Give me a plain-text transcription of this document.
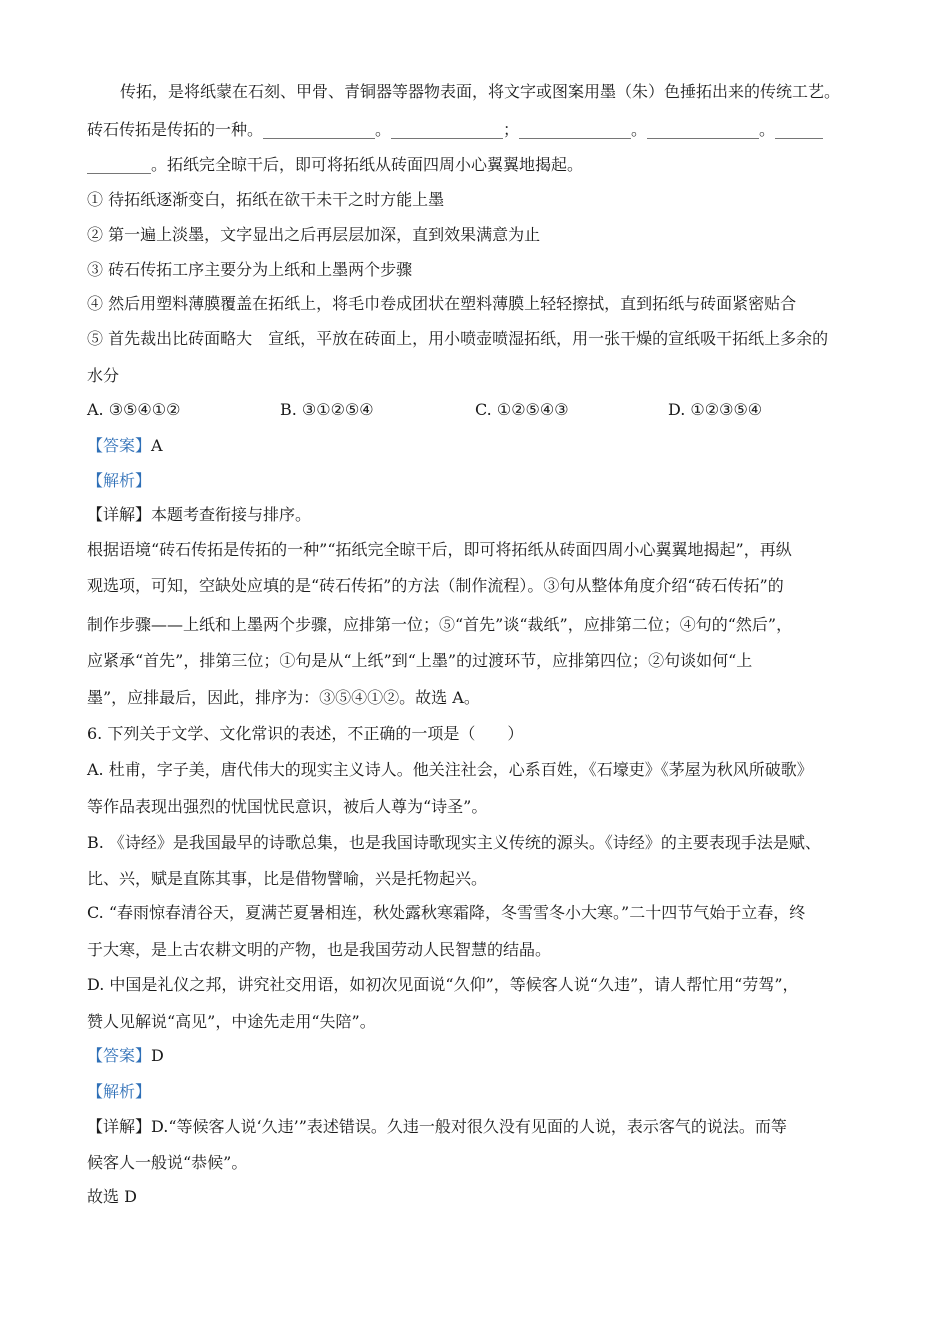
传拓，是将纸蒙在石刻、甲骨、青铜器等器物表面，将文字或图案用墨（朱）色捶拓出来的传统工艺。
砖石传拓是传拓的一种。______________。______________；______________。______________。______
________。拓纸完全晾干后，即可将拓纸从砖面四周小心翼翼地揭起。
① 待拓纸逐渐变白，拓纸在欲干未干之时方能上墨
② 第一遍上淡墨，文字显出之后再层层加深，直到效果满意为止
③ 砖石传拓工序主要分为上纸和上墨两个步骤
④ 然后用塑料薄膜覆盖在拓纸上，将毛巾卷成团状在塑料薄膜上轻轻擦拭，直到拓纸与砖面紧密贴合
⑤ 首先裁出比砖面略大　宣纸，平放在砖面上，用小喷壶喷湿拓纸，用一张干燥的宣纸吸干拓纸上多余的
水分
A. ③⑤④①②	B. ③①②⑤④	C. ①②⑤④③	D. ①②③⑤④
【答案】A
【解析】
【详解】本题考查衔接与排序。
根据语境“砖石传拓是传拓的一种”“拓纸完全晾干后，即可将拓纸从砖面四周小心翼翼地揭起”，再纵
观选项，可知，空缺处应填的是“砖石传拓”的方法（制作流程）。③句从整体角度介绍“砖石传拓”的
制作步骤——上纸和上墨两个步骤，应排第一位；⑤“首先”谈“裁纸”，应排第二位；④句的“然后”，
应紧承“首先”，排第三位；①句是从“上纸”到“上墨”的过渡环节，应排第四位；②句谈如何“上
墨”，应排最后，因此，排序为：③⑤④①②。故选 A。
6. 下列关于文学、文化常识的表述，不正确的一项是（　　）
A. 杜甫，字子美，唐代伟大的现实主义诗人。他关注社会，心系百姓，《石壕吏》《茅屋为秋风所破歌》
等作品表现出强烈的忧国忧民意识，被后人尊为“诗圣”。
B. 《诗经》是我国最早的诗歌总集，也是我国诗歌现实主义传统的源头。《诗经》的主要表现手法是赋、
比、兴，赋是直陈其事，比是借物譬喻，兴是托物起兴。
C. “春雨惊春清谷天，夏满芒夏暑相连，秋处露秋寒霜降，冬雪雪冬小大寒。”二十四节气始于立春，终
于大寒，是上古农耕文明的产物，也是我国劳动人民智慧的结晶。
D. 中国是礼仪之邦，讲究社交用语，如初次见面说“久仰”，等候客人说“久违”，请人帮忙用“劳驾”，
赞人见解说“高见”，中途先走用“失陪”。
【答案】D
【解析】
【详解】D.“等候客人说‘久违’”表述错误。久违一般对很久没有见面的人说，表示客气的说法。而等
候客人一般说“恭候”。
故选 D
